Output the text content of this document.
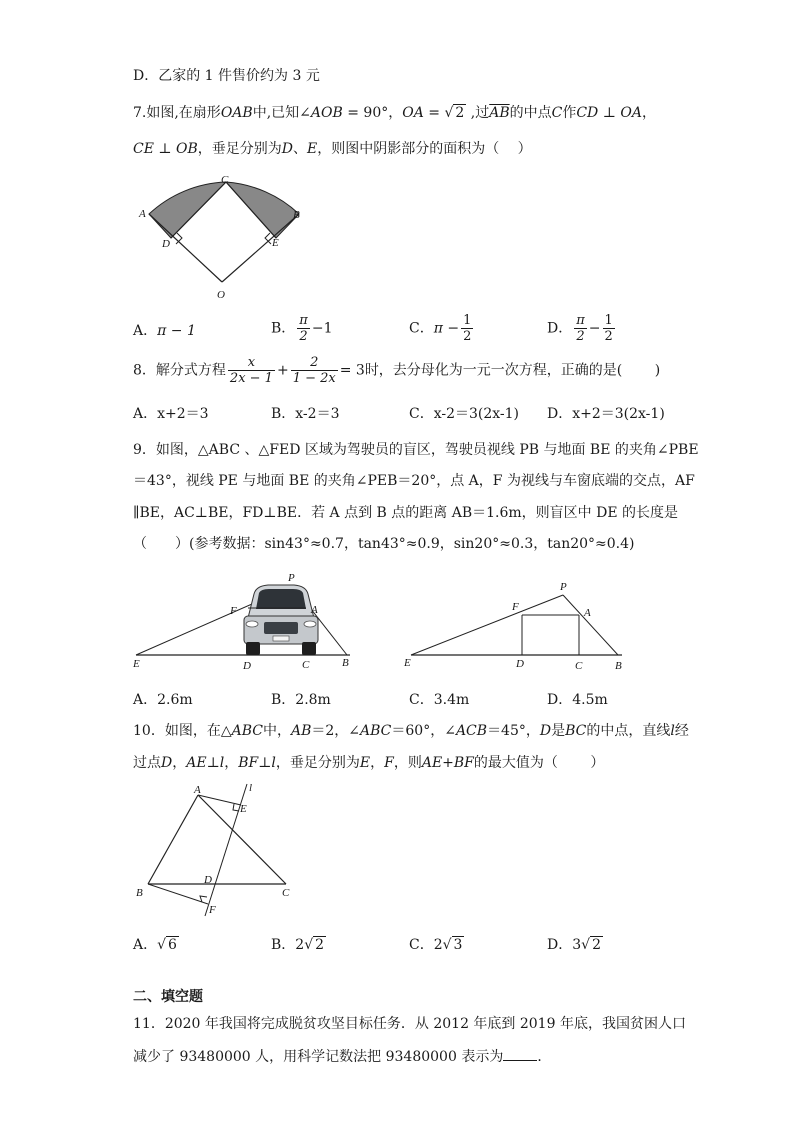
D．乙家的 1 件售价约为 3 元
7.如图,在扇形OAB中,已知∠AOB = 90°，OA = √ 2 ,过$\overline{AB}$的中点C作CD ⊥ OA，
CE ⊥ OB，垂足分别为D、E，则图中阴影部分的面积为（　 ）
C
A	B
D	E
O
A．π − 1	B． $\frac{\pi}{2} -1$	C．$\pi - \frac{1}{2}$	D． $\frac{\pi}{2} - \frac{1}{2}$
8．解分式方程 $\frac{x}{2x - 1} + \frac{2}{1 - 2x} = 3$时，去分母化为一元一次方程，正确的是(　　 )
A．x+2＝3	B．x-2＝3	C．x-2＝3(2x-1) D．x+2＝3(2x-1)
9．如图，△ABC 、△FED 区域为驾驶员的盲区，驾驶员视线 PB 与地面 BE 的夹角∠PBE
＝43°，视线 PE 与地面 BE 的夹角∠PEB＝20°，点 A，F 为视线与车窗底端的交点，AF
∥BE，AC⊥BE，FD⊥BE．若 A 点到 B 点的距离 AB＝1.6m，则盲区中 DE 的长度是
（　　）(参考数据：sin43°≈0.7，tan43°≈0.9，sin20°≈0.3，tan20°≈0.4)
P
F	A
E	D	C	B
P
F	A
E	D	C	B
A．2.6m	B．2.8m	C．3.4m	D．4.5m
10．如图，在△ABC中，AB＝2，∠ABC＝60°，∠ACB＝45°，D是BC的中点，直线l经
过点D，AE⊥l，BF⊥l，垂足分别为E，F，则AE+BF的最大值为（　　 ）
A
E
l
D
B	C
F
A．√ 6	B．2√ 2	C．2√ 3	D．3√ 2
二、填空题
11．2020 年我国将完成脱贫攻坚目标任务．从 2012 年底到 2019 年底，我国贫困人口
减少了 93480000 人，用科学记数法把 93480000 表示为 ．
